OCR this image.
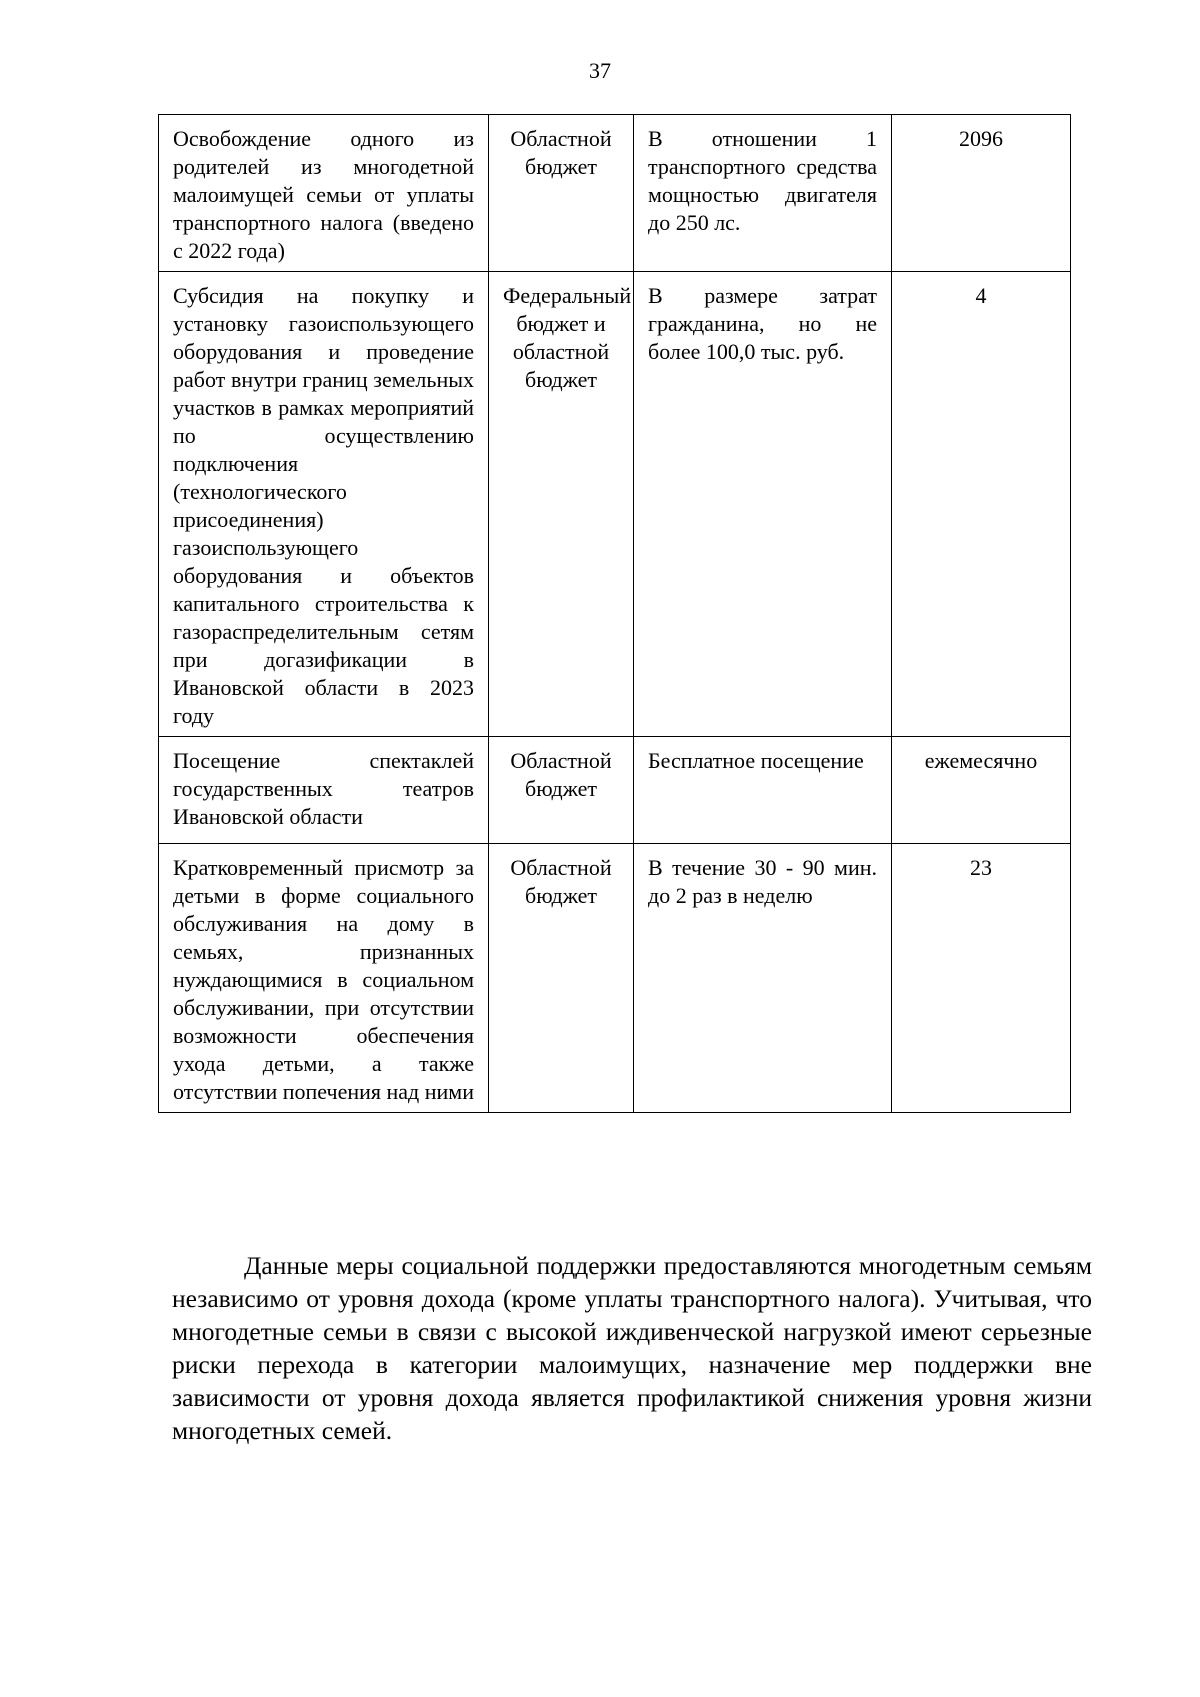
37
Освобождение одного из родителей из многодетной малоимущей семьи от уплаты транспортного налога (введено с 2022 года)	Областной бюджет	В отношении 1 транспортного средства мощностью двигателя до 250 лс.	2096
Субсидия на покупку и установку газоиспользующего оборудования и проведение работ внутри границ земельных участков в рамках мероприятий по осуществлению подключения (технологического присоединения) газоиспользующего оборудования и объектов капитального строительства к газораспределительным сетям при догазификации в Ивановской области в 2023 году	Федеральный бюджет и областной бюджет	В размере затрат гражданина, но не более 100,0 тыс. руб.	4
Посещение спектаклей государственных театров Ивановской области	Областной бюджет	Бесплатное посещение	ежемесячно
Кратковременный присмотр за детьми в форме социального обслуживания на дому в семьях, признанных нуждающимися в социальном обслуживании, при отсутствии возможности обеспечения ухода детьми, а также отсутствии попечения над ними	Областной бюджет	В течение 30 - 90 мин. до 2 раз в неделю	23

Данные меры социальной поддержки предоставляются многодетным семьям независимо от уровня дохода (кроме уплаты транспортного налога). Учитывая, что многодетные семьи в связи с высокой иждивенческой нагрузкой имеют серьезные риски перехода в категории малоимущих, назначение мер поддержки вне зависимости от уровня дохода является профилактикой снижения уровня жизни многодетных семей.
